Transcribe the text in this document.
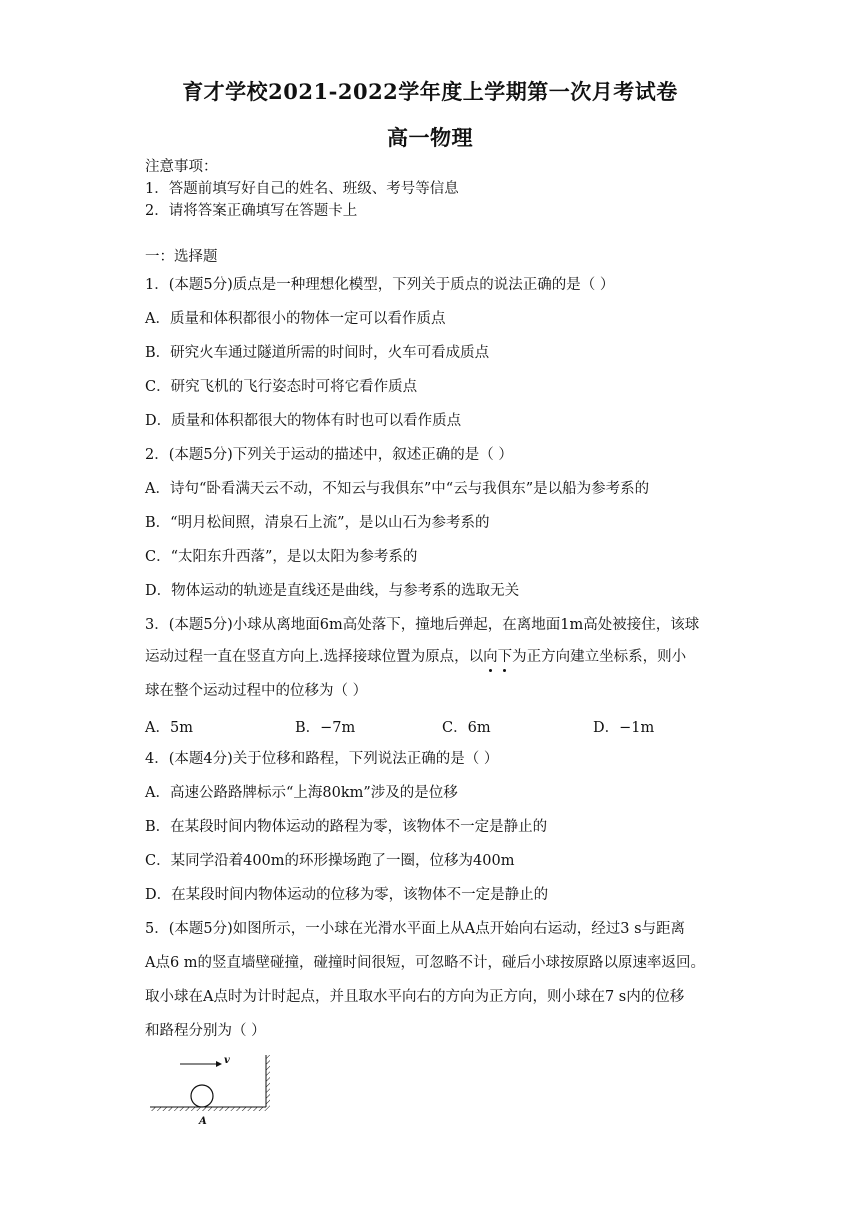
育才学校2021-2022学年度上学期第一次月考试卷
高一物理
注意事项：
1．答题前填写好自己的姓名、班级、考号等信息
2．请将答案正确填写在答题卡上
一：选择题
1．(本题5分)质点是一种理想化模型，下列关于质点的说法正确的是（ ）
A．质量和体积都很小的物体一定可以看作质点
B．研究火车通过隧道所需的时间时，火车可看成质点
C．研究飞机的飞行姿态时可将它看作质点
D．质量和体积都很大的物体有时也可以看作质点
2．(本题5分)下列关于运动的描述中，叙述正确的是（ ）
A．诗句“卧看满天云不动，不知云与我俱东”中“云与我俱东”是以船为参考系的
B．“明月松间照，清泉石上流”，是以山石为参考系的
C．“太阳东升西落”，是以太阳为参考系的
D．物体运动的轨迹是直线还是曲线，与参考系的选取无关
3．(本题5分)小球从离地面6m高处落下，撞地后弹起，在离地面1m高处被接住，该球
运动过程一直在竖直方向上.选择接球位置为原点，以向下为正方向建立坐标系，则小
球在整个运动过程中的位移为（ ）
A．5m	B．−7m	C．6m	D．−1m
4．(本题4分)关于位移和路程，下列说法正确的是（ ）
A．高速公路路牌标示“上海80km”涉及的是位移
B．在某段时间内物体运动的路程为零，该物体不一定是静止的
C．某同学沿着400m的环形操场跑了一圈，位移为400m
D．在某段时间内物体运动的位移为零，该物体不一定是静止的
5．(本题5分)如图所示，一小球在光滑水平面上从A点开始向右运动，经过3 s与距离
A点6 m的竖直墙壁碰撞，碰撞时间很短，可忽略不计，碰后小球按原路以原速率返回。
取小球在A点时为计时起点，并且取水平向右的方向为正方向，则小球在7 s内的位移
和路程分别为（ ）
v
A
